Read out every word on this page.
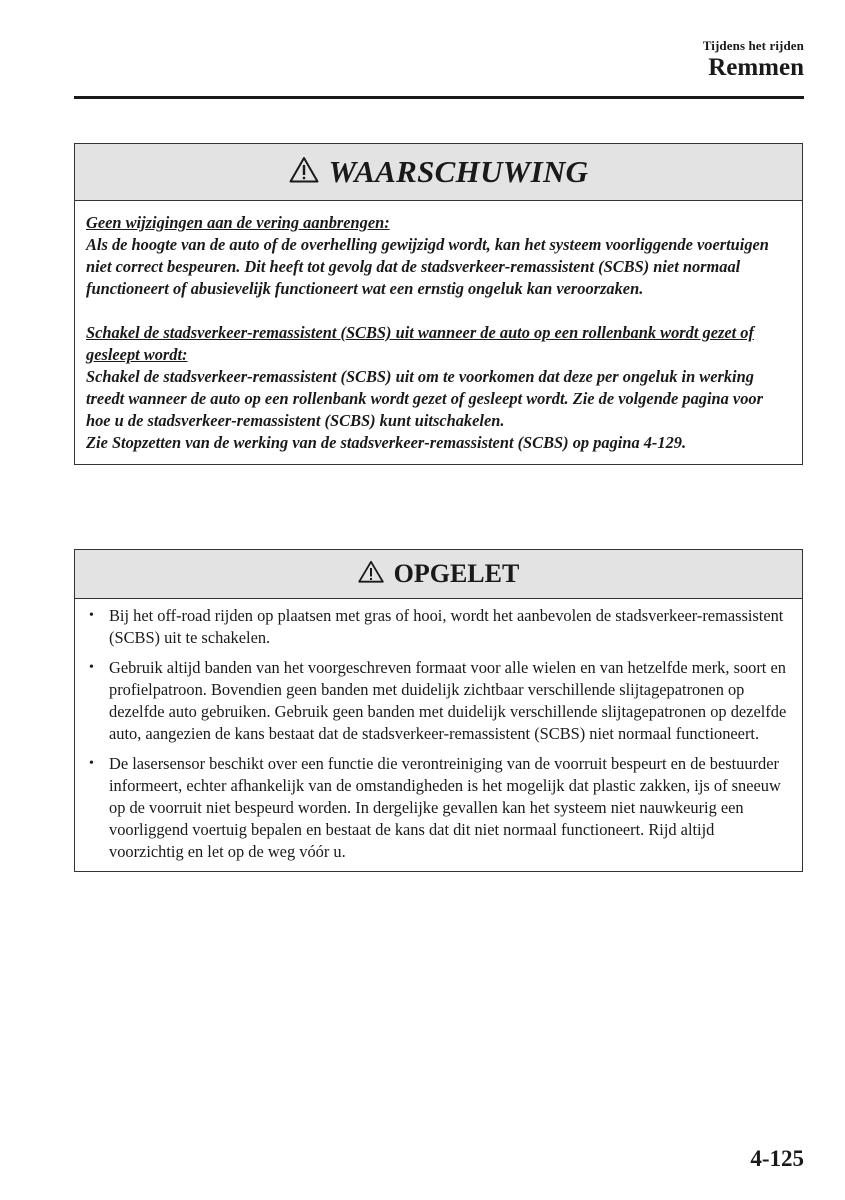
Tijdens het rijden
Remmen
WAARSCHUWING

Geen wijzigingen aan de vering aanbrengen:
Als de hoogte van de auto of de overhelling gewijzigd wordt, kan het systeem voorliggende voertuigen niet correct bespeuren. Dit heeft tot gevolg dat de stadsverkeer-remassistent (SCBS) niet normaal functioneert of abusievelijk functioneert wat een ernstig ongeluk kan veroorzaken.

Schakel de stadsverkeer-remassistent (SCBS) uit wanneer de auto op een rollenbank wordt gezet of gesleept wordt:
Schakel de stadsverkeer-remassistent (SCBS) uit om te voorkomen dat deze per ongeluk in werking treedt wanneer de auto op een rollenbank wordt gezet of gesleept wordt. Zie de volgende pagina voor hoe u de stadsverkeer-remassistent (SCBS) kunt uitschakelen.
Zie Stopzetten van de werking van de stadsverkeer-remassistent (SCBS) op pagina 4-129.

OPGELET
• Bij het off-road rijden op plaatsen met gras of hooi, wordt het aanbevolen de stadsverkeer-remassistent (SCBS) uit te schakelen.
• Gebruik altijd banden van het voorgeschreven formaat voor alle wielen en van hetzelfde merk, soort en profielpatroon. Bovendien geen banden met duidelijk zichtbaar verschillende slijtagepatronen op dezelfde auto gebruiken. Gebruik geen banden met duidelijk verschillende slijtagepatronen op dezelfde auto, aangezien de kans bestaat dat de stadsverkeer-remassistent (SCBS) niet normaal functioneert.
• De lasersensor beschikt over een functie die verontreiniging van de voorruit bespeurt en de bestuurder informeert, echter afhankelijk van de omstandigheden is het mogelijk dat plastic zakken, ijs of sneeuw op de voorruit niet bespeurd worden. In dergelijke gevallen kan het systeem niet nauwkeurig een voorliggend voertuig bepalen en bestaat de kans dat dit niet normaal functioneert. Rijd altijd voorzichtig en let op de weg vóór u.
4-125
